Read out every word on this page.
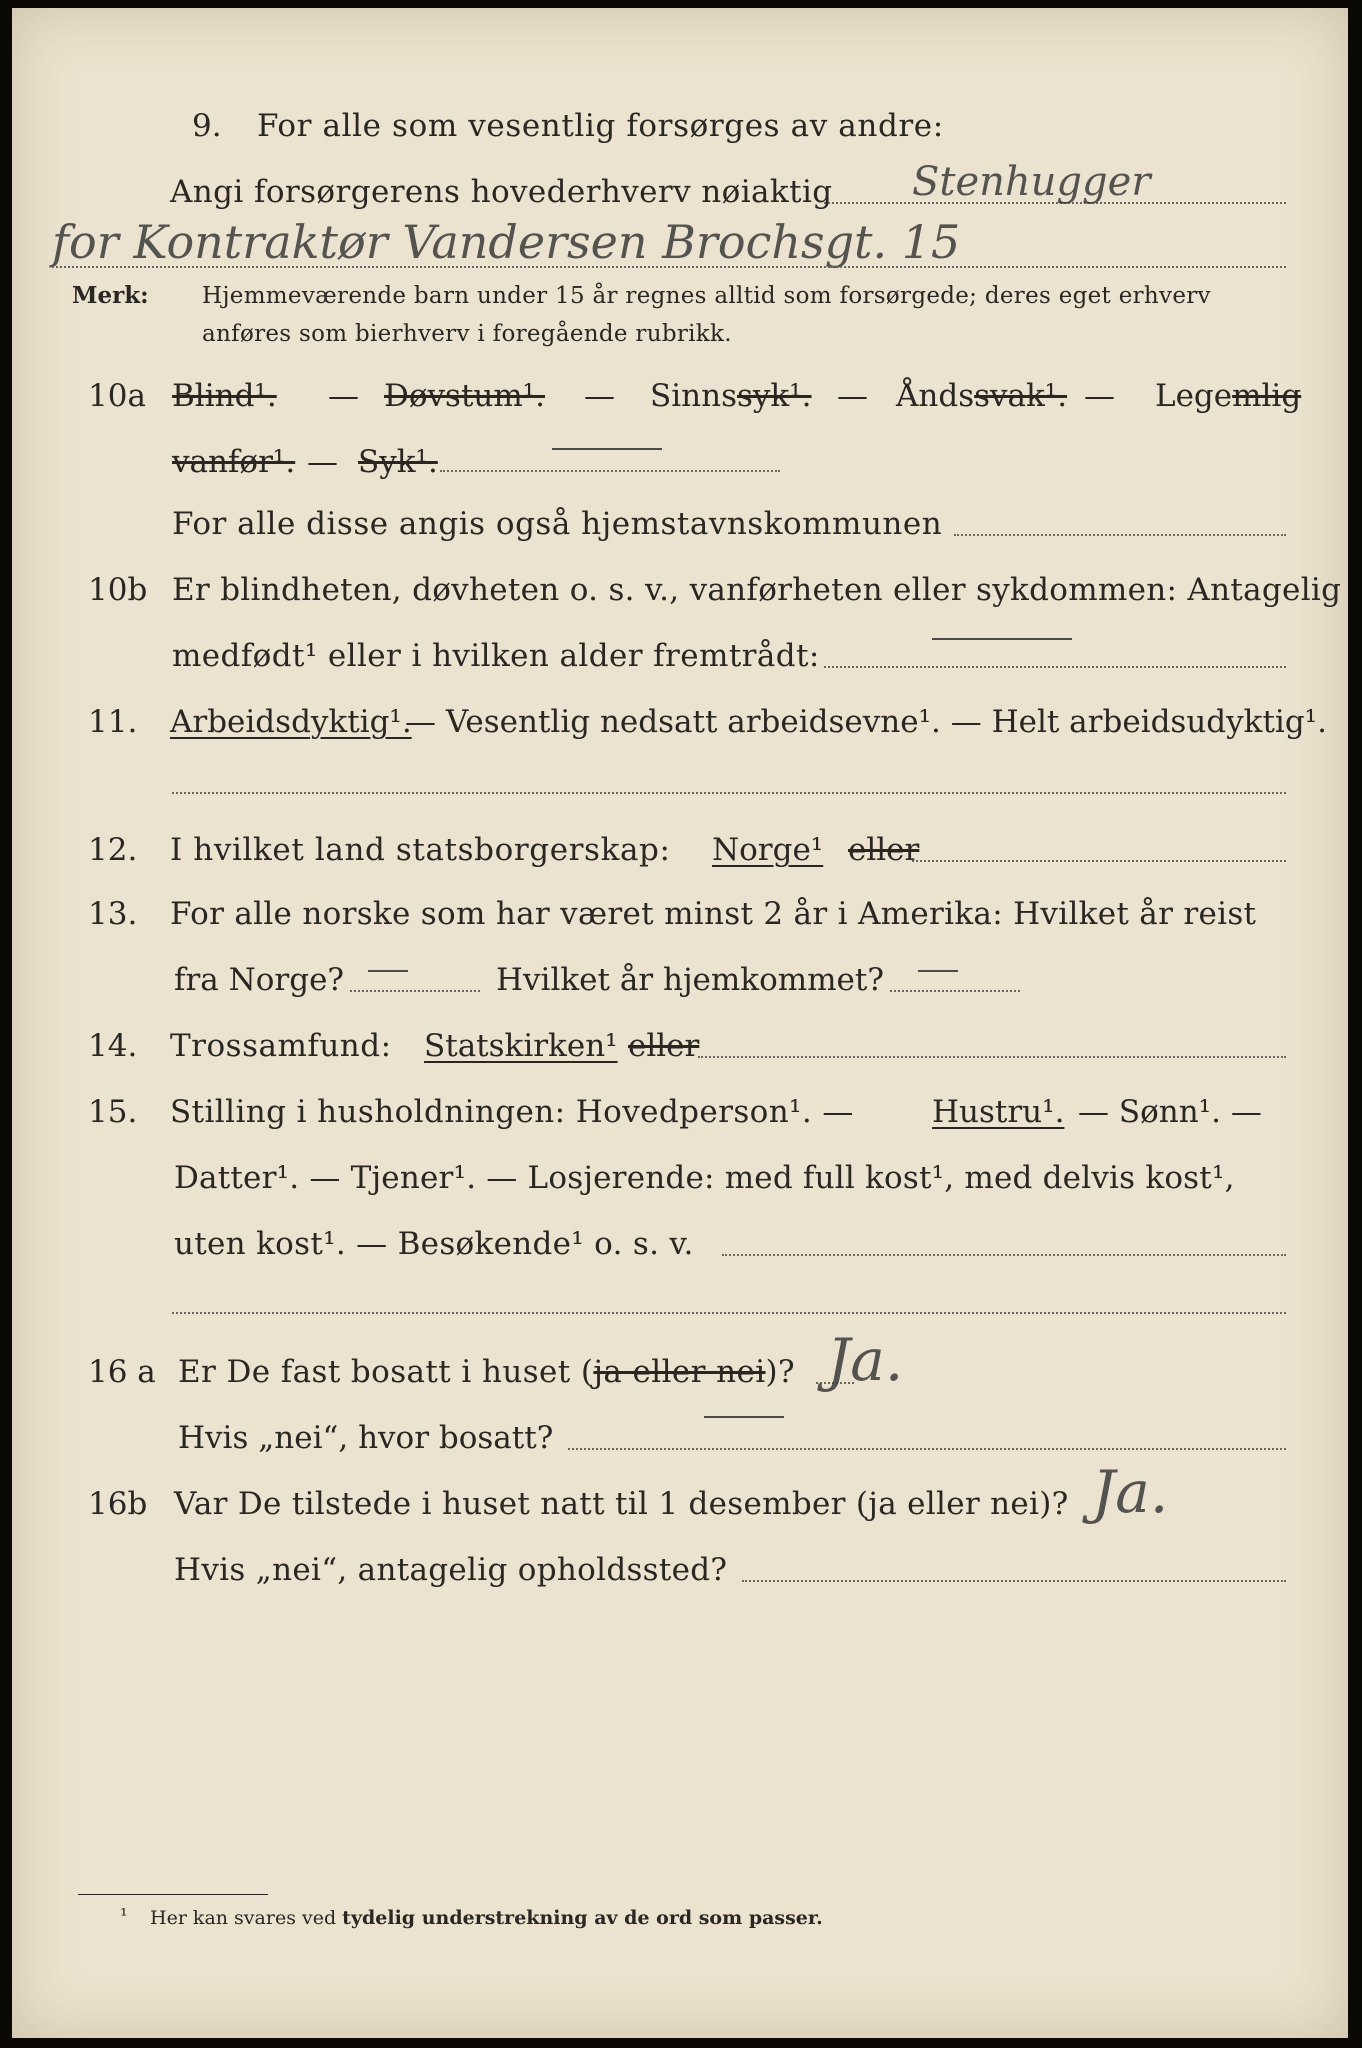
9. For alle som vesentlig forsørges av andre:
Angi forsørgerens hovederhverv nøiaktig Stenhugger
for Kontraktør Vandersen Brochsgt. 15
Merk: Hjemmeværende barn under 15 år regnes alltid som forsørgede; deres eget erhverv
anføres som bierhverv i foregående rubrikk.
10a Blind¹. — Døvstum¹. — Sinnssyk¹. — Åndssvak¹. — Legemlig
vanfør¹. — Syk¹.
For alle disse angis også hjemstavnskommunen
10b Er blindheten, døvheten o. s. v., vanførheten eller sykdommen: Antagelig
medfødt¹ eller i hvilken alder fremtrådt:
11. Arbeidsdyktig¹.
— Vesentlig nedsatt arbeidsevne¹. — Helt arbeidsudyktig¹.
12. I hvilket land statsborgerskap: Norge¹ eller
13. For alle norske som har været minst 2 år i Amerika: Hvilket år reist
fra Norge?	Hvilket år hjemkommet?
14. Trossamfund: Statskirken¹ eller
15. Stilling i husholdningen: Hovedperson¹. —	Hustru¹. — Sønn¹. —
Datter¹. — Tjener¹. — Losjerende: med full kost¹, med delvis kost¹,
uten kost¹. — Besøkende¹ o. s. v.
16 a Er De fast bosatt i huset (ja eller nei)? Ja.
Hvis „nei“, hvor bosatt?
16b Var De tilstede i huset natt til 1 desember (ja eller nei)? Ja.
Hvis „nei“, antagelig opholdssted?
¹ Her kan svares ved tydelig understrekning av de ord som passer.
